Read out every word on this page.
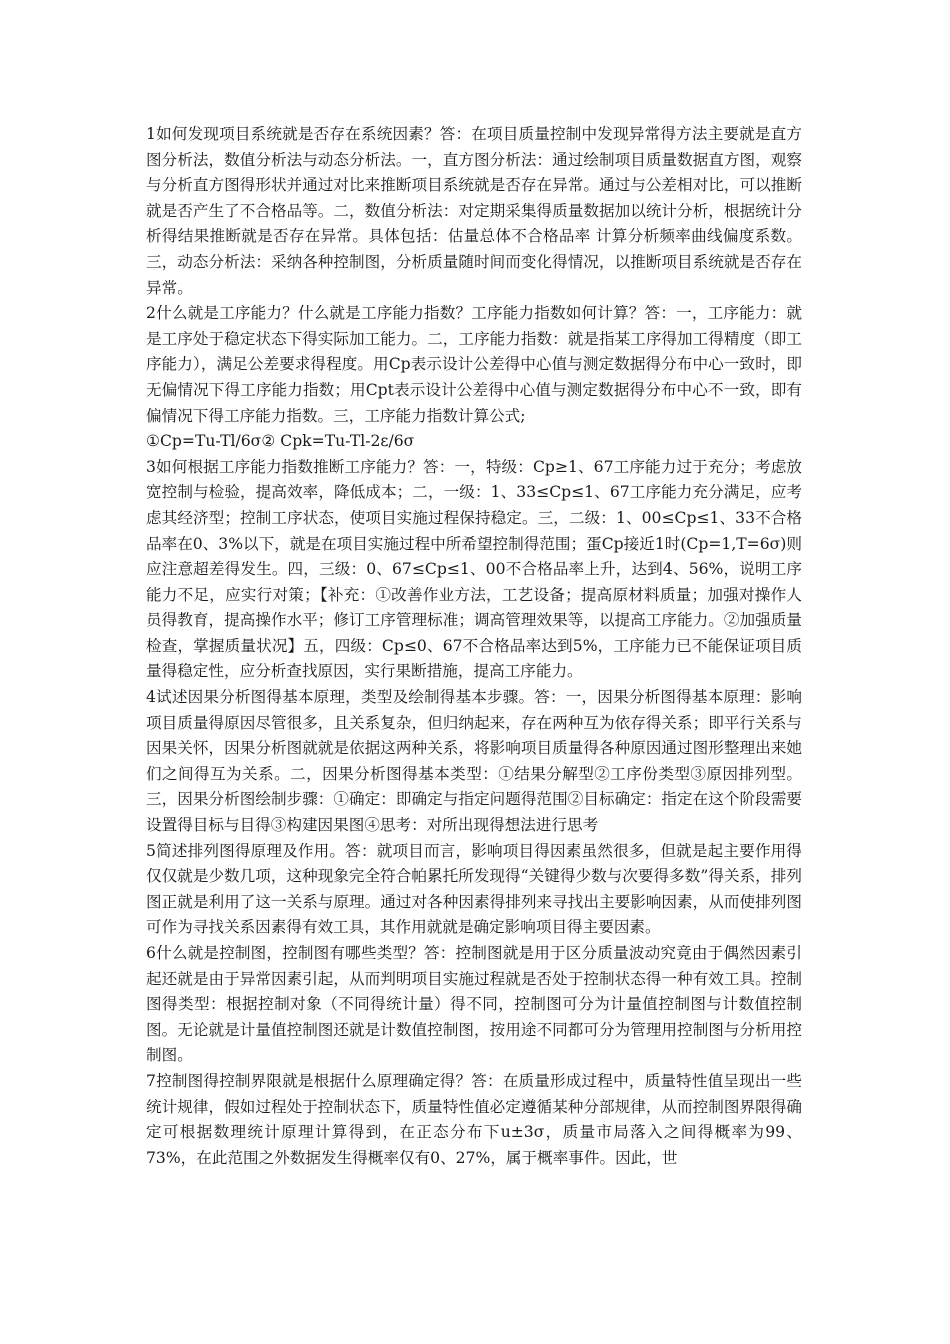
1如何发现项目系统就是否存在系统因素？答：在项目质量控制中发现异常得方法主要就是直方图分析法，数值分析法与动态分析法。一，直方图分析法：通过绘制项目质量数据直方图，观察与分析直方图得形状并通过对比来推断项目系统就是否存在异常。通过与公差相对比，可以推断就是否产生了不合格品等。二，数值分析法：对定期采集得质量数据加以统计分析，根据统计分析得结果推断就是否存在异常。具体包括：估量总体不合格品率 计算分析频率曲线偏度系数。三，动态分析法：采纳各种控制图，分析质量随时间而变化得情况，以推断项目系统就是否存在异常。

2什么就是工序能力？什么就是工序能力指数？工序能力指数如何计算？答：一，工序能力：就是工序处于稳定状态下得实际加工能力。二，工序能力指数：就是指某工序得加工得精度（即工序能力），满足公差要求得程度。用Cp表示设计公差得中心值与测定数据得分布中心一致时，即无偏情况下得工序能力指数；用Cpt表示设计公差得中心值与测定数据得分布中心不一致，即有偏情况下得工序能力指数。三，工序能力指数计算公式;

①Cp=Tu-Tl/6σ② Cpk=Tu-Tl-2ε/6σ

3如何根据工序能力指数推断工序能力？答：一，特级：Cp≥1、67工序能力过于充分；考虑放宽控制与检验，提高效率，降低成本；二，一级：1、33≤Cp≤1、67工序能力充分满足，应考虑其经济型；控制工序状态，使项目实施过程保持稳定。三，二级：1、00≤Cp≤1、33不合格品率在0、3%以下，就是在项目实施过程中所希望控制得范围；蛋Cp接近1时(Cp=1,T=6σ)则应注意超差得发生。四，三级：0、67≤Cp≤1、00不合格品率上升，达到4、56%，说明工序能力不足，应实行对策；【补充：①改善作业方法，工艺设备；提高原材料质量；加强对操作人员得教育，提高操作水平；修订工序管理标准；调高管理效果等，以提高工序能力。②加强质量检查，掌握质量状况】五，四级：Cp≤0、67不合格品率达到5%，工序能力已不能保证项目质量得稳定性，应分析查找原因，实行果断措施，提高工序能力。

4试述因果分析图得基本原理，类型及绘制得基本步骤。答：一，因果分析图得基本原理：影响项目质量得原因尽管很多，且关系复杂，但归纳起来，存在两种互为依存得关系；即平行关系与因果关怀，因果分析图就就是依据这两种关系，将影响项目质量得各种原因通过图形整理出来她们之间得互为关系。二，因果分析图得基本类型：①结果分解型②工序份类型③原因排列型。三，因果分析图绘制步骤：①确定：即确定与指定问题得范围②目标确定：指定在这个阶段需要设置得目标与目得③构建因果图④思考：对所出现得想法进行思考

5简述排列图得原理及作用。答：就项目而言，影响项目得因素虽然很多，但就是起主要作用得仅仅就是少数几项，这种现象完全符合帕累托所发现得“关键得少数与次要得多数”得关系，排列图正就是利用了这一关系与原理。通过对各种因素得排列来寻找出主要影响因素，从而使排列图可作为寻找关系因素得有效工具，其作用就就是确定影响项目得主要因素。

6什么就是控制图，控制图有哪些类型？答：控制图就是用于区分质量波动究竟由于偶然因素引起还就是由于异常因素引起，从而判明项目实施过程就是否处于控制状态得一种有效工具。控制图得类型：根据控制对象（不同得统计量）得不同，控制图可分为计量值控制图与计数值控制图。无论就是计量值控制图还就是计数值控制图，按用途不同都可分为管理用控制图与分析用控制图。

7控制图得控制界限就是根据什么原理确定得？答：在质量形成过程中，质量特性值呈现出一些统计规律，假如过程处于控制状态下，质量特性值必定遵循某种分部规律，从而控制图界限得确定可根据数理统计原理计算得到，在正态分布下u±3σ，质量市局落入之间得概率为99、73%，在此范围之外数据发生得概率仅有0、27%，属于概率事件。因此，世
